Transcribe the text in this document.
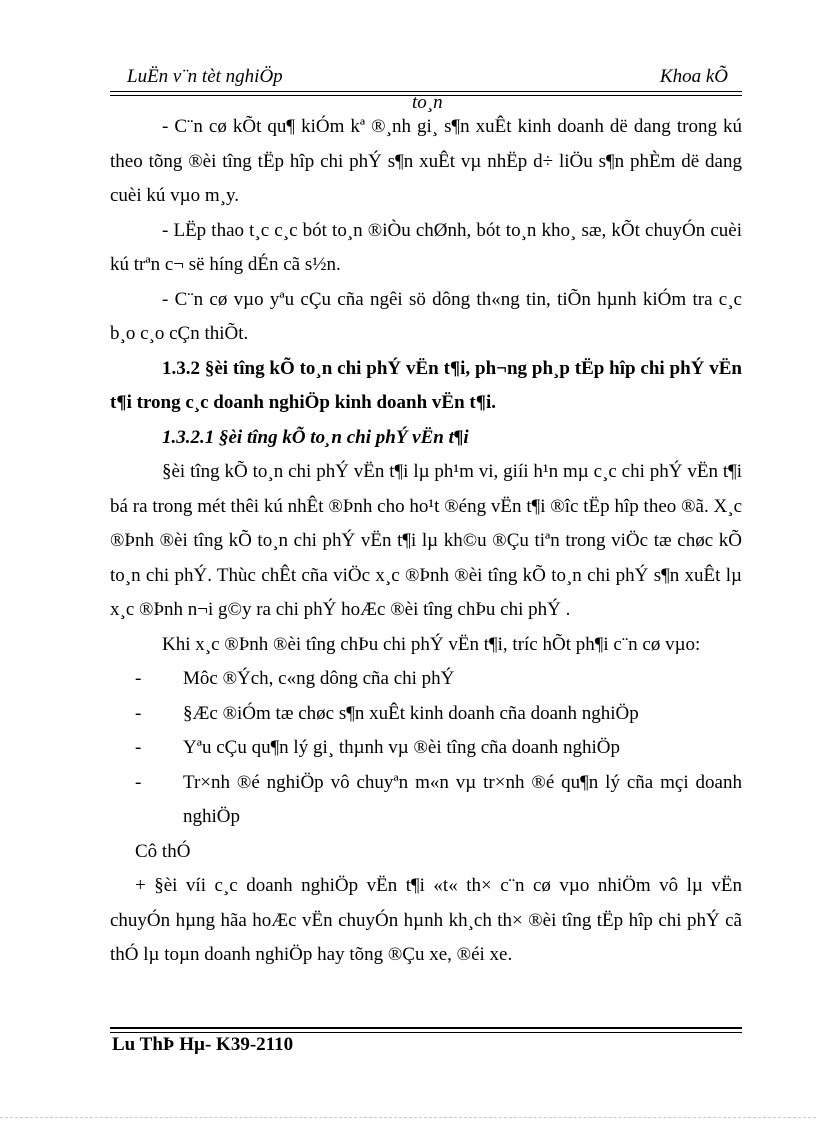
LuËn v¨n tèt nghiÖp	Khoa kÕ
to¸n

- C¨n cø kÕt qu¶ kiÓm kª ®¸nh gi¸ s¶n xuÊt kinh doanh dë dang trong kú theo tõng ®èi tîng tËp hîp chi phÝ s¶n xuÊt vµ nhËp d÷ liÖu s¶n phÈm dë dang cuèi kú vµo m¸y.

- LËp thao t¸c c¸c bót to¸n ®iÒu chØnh, bót to¸n kho¸ sæ, kÕt chuyÓn cuèi kú trªn c¬ së híng dÉn cã s½n.

- C¨n cø vµo yªu cÇu cña ngêi sö dông th«ng tin, tiÕn hµnh kiÓm tra c¸c b¸o c¸o cÇn thiÕt.

1.3.2 §èi tîng kÕ to¸n chi phÝ vËn t¶i, ph¬ng ph¸p tËp hîp chi phÝ vËn t¶i trong c¸c doanh nghiÖp kinh doanh vËn t¶i.

1.3.2.1 §èi tîng kÕ to¸n chi phÝ vËn t¶i

§èi tîng kÕ to¸n chi phÝ vËn t¶i lµ ph¹m vi, giíi h¹n mµ c¸c chi phÝ vËn t¶i bá ra trong mét thêi kú nhÊt ®Þnh cho ho¹t ®éng vËn t¶i ®îc tËp hîp theo ®ã. X¸c ®Þnh ®èi tîng kÕ to¸n chi phÝ vËn t¶i lµ kh©u ®Çu tiªn trong viÖc tæ chøc kÕ to¸n chi phÝ. Thùc chÊt cña viÖc x¸c ®Þnh ®èi tîng kÕ to¸n chi phÝ s¶n xuÊt lµ x¸c ®Þnh n¬i g©y ra chi phÝ hoÆc ®èi tîng chÞu chi phÝ .

Khi x¸c ®Þnh ®èi tîng chÞu chi phÝ vËn t¶i, tríc hÕt ph¶i c¨n cø vµo:

-	Môc ®Ých, c«ng dông cña chi phÝ
-	§Æc ®iÓm tæ chøc s¶n xuÊt kinh doanh cña doanh nghiÖp
-	Yªu cÇu qu¶n lý gi¸ thµnh vµ ®èi tîng cña doanh nghiÖp
-	Tr×nh ®é nghiÖp vô chuyªn m«n vµ tr×nh ®é qu¶n lý cña mçi doanh nghiÖp

Cô thÓ

+ §èi víi c¸c doanh nghiÖp vËn t¶i «t« th× c¨n cø vµo nhiÖm vô lµ vËn chuyÓn hµng hãa hoÆc vËn chuyÓn hµnh kh¸ch th× ®èi tîng tËp hîp chi phÝ cã thÓ lµ toµn doanh nghiÖp hay tõng ®Çu xe, ®éi xe.

Lu ThÞ Hµ- K39-2110
